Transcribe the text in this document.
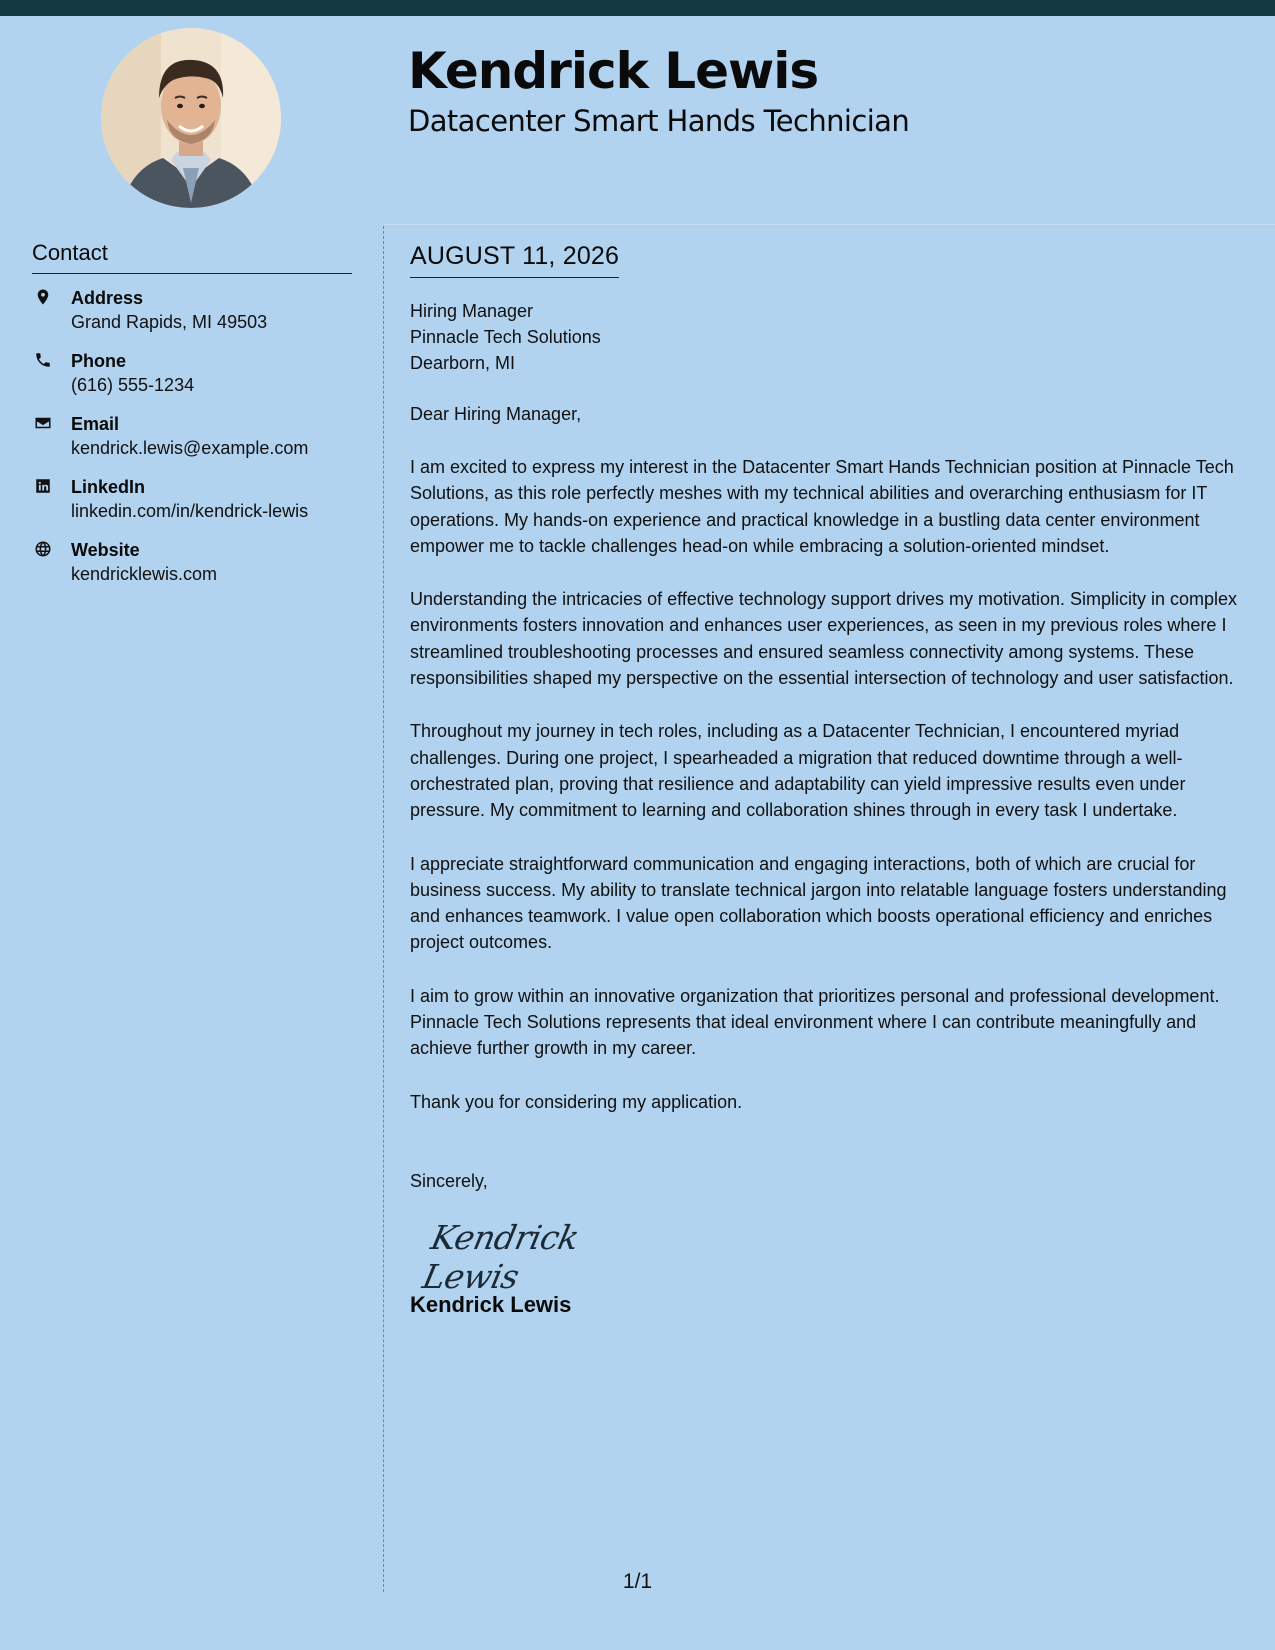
Kendrick Lewis
Datacenter Smart Hands Technician
Contact
Address
Grand Rapids, MI 49503
Phone
(616) 555-1234
Email
kendrick.lewis@example.com
LinkedIn
linkedin.com/in/kendrick-lewis
Website
kendricklewis.com
AUGUST 11, 2026
Hiring Manager
Pinnacle Tech Solutions
Dearborn, MI
Dear Hiring Manager,

I am excited to express my interest in the Datacenter Smart Hands Technician position at Pinnacle Tech Solutions, as this role perfectly meshes with my technical abilities and overarching enthusiasm for IT operations. My hands-on experience and practical knowledge in a bustling data center environment empower me to tackle challenges head-on while embracing a solution-oriented mindset.

Understanding the intricacies of effective technology support drives my motivation. Simplicity in complex environments fosters innovation and enhances user experiences, as seen in my previous roles where I streamlined troubleshooting processes and ensured seamless connectivity among systems. These responsibilities shaped my perspective on the essential intersection of technology and user satisfaction.

Throughout my journey in tech roles, including as a Datacenter Technician, I encountered myriad challenges. During one project, I spearheaded a migration that reduced downtime through a well-orchestrated plan, proving that resilience and adaptability can yield impressive results even under pressure. My commitment to learning and collaboration shines through in every task I undertake.

I appreciate straightforward communication and engaging interactions, both of which are crucial for business success. My ability to translate technical jargon into relatable language fosters understanding and enhances teamwork. I value open collaboration which boosts operational efficiency and enriches project outcomes.

I aim to grow within an innovative organization that prioritizes personal and professional development. Pinnacle Tech Solutions represents that ideal environment where I can contribute meaningfully and achieve further growth in my career.

Thank you for considering my application.
Sincerely,
Kendrick Lewis
Kendrick Lewis
1/1
